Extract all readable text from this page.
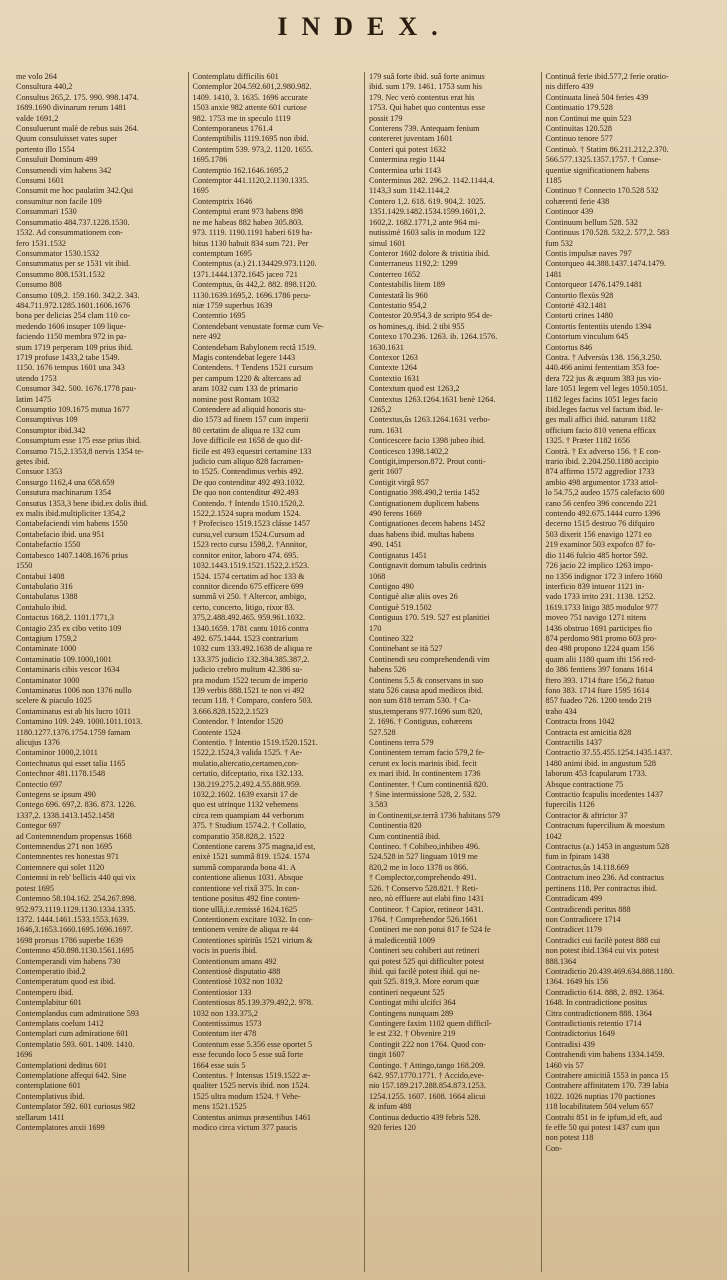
INDEX.
me volo 264
Consultura 440,2
Consultus 265,2. 175. 990. 998.1474.
1689.1690 divinarum rerum 1481
valde 1691,2
Consuluerunt malè de rebus suis 264.
Quum consuluisset vates super
portento illo 1554
Consuluit Dominum 499
Consumendi vim habens 342
Consumi 1601
Consumit me hoc paulatim 342.Qui
consumitur non facile 109
Consummari 1530
Consummatio 484.737.1228.1530.
1532. Ad consummationem con-
fero 1531.1532
Consummator 1530.1532
Consummatus per se 1531 vit ibid.
Consummo 808.1531.1532
Consumo 808
Consumo 109,2. 159.160. 342,2. 343.
484.711.972.1285.1601.1606.1676
bona per delicias 254 clam 110 co-
medendo 1606 insuper 109 lique-
faciendo 1150 membra 972 in pa-
stum 1719 perperam 109 prius ibid.
1719 profuse 1433,2 tabe 1549.
1150. 1676 tempus 1601 una 343
utendo 1753
Consumor 342. 500. 1676.1778 pau-
latim 1475
Consumptio 109.1675 mutua 1677
Consumptivus 109
Consumptor ibid.342
Consumptum esse 175 esse prius ibid.
Consumo 715,2.1353,8 nervis 1354 te-
getes ibid.
Consuor 1353
Consurgo 1162,4 una 658.659
Consutura machinarum 1354
Consutus 1353,3 bene ibid.ex dolis ibid.
ex malis ibid.multipliciter 1354,2
Contabefaciendi vim habens 1550
Contabefacio ibid. una 951
Contabefactio 1550
Contabesco 1407.1408.1676 prius
1550
Contabui 1408
Contabulatio 316
Contabulatus 1388
Contabulo ibid.
Contactus 168,2. 1101.1771,3
Contagio 235 ex cibo vetito 109
Contagium 1759,2
Contaminate 1000
Contaminatio 109.1000,1001
Contaminaris cibis vescor 1634
Contaminator 1000
Contaminatus 1006 non 1376 nullo
scelere & piaculo 1025
Contaminatus est ab his lucro 1011
Contamino 109. 249. 1000.1011.1013.
1180.1277.1376.1754.1759 famam
alicujus 1376
Contaminor 1000,2.1011
Contechnatus qui esset talia 1165
Contechnor 481.1178.1548
Contectio 697
Contegens se ipsum 490
Contego 696. 697,2. 836. 873. 1226.
1337,2. 1338.1413.1452.1458
Contegor 697
ad Contemnendum propensus 1668
Contemnendus 271 non 1695
Contemnentes res honestas 971
Contemnere qui solet 1120
Contemni in reb' bellicis 440 qui vix
potest 1695
Contemno 58.104.162. 254.267.898.
952.973.1119.1129.1130.1334.1335.
1372. 1444.1461.1533.1553.1639.
1646,3.1653.1660.1695.1696.1697.
1698 prorsus 1786 superbe 1639
Contemno 450.898.1130.1561.1695
Contemperandi vim habens 730
Contemperatio ibid.2
Contemperatum quod est ibid.
Contempero ibid.
Contemplabitur 601
Contemplandus cum admiratione 593
Contemplans coelum 1412
Contemplari cum admiratione 601
Contemplatio 593. 601. 1409. 1410.
1696
Contemplationi deditus 601
Contemplatione affequi 642. Sine
contemplatione 601
Contemplativus ibid.
Contemplator 592. 601 curiosus 982
stellarum 1411
Contemplatores anxii 1699
Contemplatu difficilis 601
Contemplor 204.592.601,2.980.982.
1409. 1410, 3. 1635. 1696 accurate
1503 anxie 982 attente 601 curiose
982. 1753 me in speculo 1119
Contemporaneus 1761.4
Contemptibilis 1119.1695 non ibid.
Contemptim 539. 973,2. 1120. 1655.
1695.1786
Contemptio 162.1646.1695,2
Contemptor 441.1120,2.1130.1335.
1695
Contemptrix 1646
Contemptui erant 973 habens 898
ne me habeas 882 habeo 305.803.
973. 1119. 1190.1191 haberi 619 ha-
bitus 1130 habuit 834 sum 721. Per
contemptum 1695
Contemptus (a.) 21.134429.973.1120.
1371.1444.1372.1645 jaceo 721
Contemptus, ûs 442,2. 882. 898.1120.
1130.1639.1695,2. 1696.1786 pecu-
niæ 1759 superbus 1639
Contemtio 1695
Contendebant venustate formæ cum Ve-
nere 492
Contendebam Babylonem rectâ 1519.
Magis contendebat legere 1443
Contendens. † Tendens 1521 cursum
per campum 1220 & altercans ad
aram 1032 cum 133 de primario
nomine post Romam 1032
Contendere ad aliquid honoris stu-
dio 1573 ad finem 157 cum imperii
80 certatim de aliqua re 132 cum
Jove difficile est 1658 de quo dif-
ficile est 493 equestri certamine 133
judicio cum aliquo 828 facramen-
to 1525. Contendimus verbis 492.
De quo contenditur 492 493.1032.
De quo non contenditur 492.493
Contendo. † Intendo 1510.1520,2.
1522,2.1524 supra modum 1524.
† Profecisco 1519.1523 clásse 1457
cursu,vel cursum 1524.Cursum ad
1523 recto cursu 1598,2. †Annitor,
connitor enitor, laboro 474. 695.
1032.1443.1519.1521.1522,2.1523.
1524. 1574 certatim ad hoc 133 &
connitor dicendo 675 efficere 699
summâ vi 250. † Altercor, ambigo,
certo, concerto, litigo, rixor 83.
375,2.488.492.465. 959.961.1032.
1340.1659. 1781 cantu 1016 contra
492. 675.1444. 1523 contrarium
1032 cum 133.492.1638 de aliqua re
133.375 judicio 132.384.385.387,2.
judicio crebro multum 42.386 su-
pra modum 1522 tecum de imperio
139 verbis 888.1521 te non vi 492
tecum 118. † Comparo, confero 503.
3.666.828.1522,2.1523
Contendor. † Intendor 1520
Contente 1524
Contentio. † Intentio 1519.1520.1521.
1522,2.1524,3 valida 1525. † Ae-
mulatio,altercatio,certamen,con-
certatio, difceptatio, rixa 132.133.
138.219.275.2.492.4.55.888.959.
1032,2.1602. 1639 exarsit 17 de
quo est utrinque 1132 vehemens
circa rem quampiam 44 verborum
375. † Studium 1574.2. † Collatio,
comparatio 358.828,2. 1522
Contentione carens 375 magna,id est,
enixè 1521 summâ 819. 1524. 1574
summâ comparanda bona 41. A
contentione alienus 1031. Absque
contentione vel rixâ 375. In con-
tentione positus 492 fine conten-
tione ullâ,i.e.remissè 1624.1625
Contentionem excitare 1032. In con-
tentionem venire de aliqua re 44
Contentiones spiritûs 1521 virium &
vocis in pueris ibid.
Contentionum amans 492
Contentiosè disputatio 488
Contentiosè 1032 non 1032
Contentiosior 133
Contentiosus 85.139.379.492,2. 978.
1032 non 133.375,2
Contentissimus 1573
Contentum iter 478
Contentum esse 5.356 esse oportet 5
esse fecundo loco 5 esse suâ forte
1664 esse suis 5
Contentus. † Intensus 1519.1522 æ-
qualiter 1525 nervis ibid. non 1524.
1525 ultra modum 1524. † Vehe-
mens 1521.1525
Contentus animus præsentibus 1461
modico circa victum 377 paucis
179 suâ forte ibid. suâ forte animus
ibid. sum 179. 1461. 1753 sum his
179. Nec verò contentus erat his
1753. Qui habet quo contentus esse
possit 179
Conterens 739. Antequam fenium
contereret juventam 1601
Conteri qui potest 1632
Contermina regio 1144
Contermina urbi 1143
Conterminus 282. 296,2. 1142.1144,4.
1143,3 sum 1142.1144,2
Contero 1,2. 618. 619. 904,2. 1025.
1351.1429.1482.1534.1599.1601,2.
1602,2. 1682.1771,2 ante 964 mi-
nutissimè 1603 salis in modum 122
simul 1601
Conteror 1602 dolore & tristitia ibid.
Conterraneus 1192,2: 1299
Conterreo 1652
Contestabilis litem 189
Contestatâ lis 960
Contestatio 954,2
Contestor 20.954,3 de scripto 954 de-
os homines,q. ibid. 2 tibi 955
Contexo 170.236. 1263. ib. 1264.1576.
1630.1631
Contexor 1263
Contexte 1264
Contextio 1631
Contextum quod est 1263,2
Contextus 1263.1264.1631 benè 1264.
1265,2
Contextus,ûs 1263.1264.1631 verbo-
rum. 1631
Conticescere facio 1398 jubeo ibid.
Conticesco 1398.1402,2
Contigit,imperson.872. Prout conti-
gerit 1607
Contigit virgâ 957
Contignatio 398.490,2 tertia 1452
Contignationem duplicem habens
490 ferens 1669
Contignationes decem habens 1452
duas habens ibid. multas habens
490. 1451
Contignatus 1451
Contignavit domum tabulis cedrinis
1068
Contigno 490
Contiguè aliæ aliis oves 26
Contiguè 519.1502
Contiguus 170. 519. 527 est planitiei
170
Contineo 322
Continebant se ità 527
Continendi seu comprehendendi vim
habens 526
Continens 5.5 & conservans in suo
statu 526 causa apud medicos ibid.
non sum 818 terram 530. † Ca-
stus,temperans 977.1696 sum 820,
2. 1696. † Contiguus, cohærens
527.528
Continens terra 579
Continentem terram facio 579,2 fe-
cerunt ex locis marinis ibid. fecit
ex mari ibid. In continentem 1736
Continenter. † Cum continentiâ 820.
† Sine intermissione 528, 2. 532.
3.583
in Continenti,se.terrâ 1736 habitans 579
Continentia 820
Cum continentiâ ibid.
Contineo. † Cohibeo,inhibeo 496.
524.528 in 527 linguam 1019 me
820,2 me in loco 1378 os 866.
† Complector,comprehendo 491.
526. † Conservo 528.821. † Reti-
neo, nò effluere aut elabi fino 1431
Contineor. † Capior, retineor 1431.
1764. † Comprehendor 526.1661
Contineri me non potui 817 fe 524 fe
à maledicentiâ 1009
Contineri seu cohiberi aut retineri
qui potest 525 qui difficulter potest
ibid. qui facilè potest ibid. qui ne-
quit 525. 819,3. More eorum quæ
contineri nequeunt 525
Contingat mihi ulcifci 364
Contingens nunquam 289
Contingere faxim 1102 quem difficil-
le est 232. † Obvenire 219
Contingit 222 non 1764. Quod con-
tingit 1607
Contingo. † Attingo,tango 168.209.
642. 957.1770.1771. † Accido,eve-
nio 157.189.217.288.854.873.1253.
1254.1255. 1607. 1608. 1664 alicui
& infum 488
Continua deductio 439 febris 528.
920 feries 120
Continuâ ferie ibid.577,2 ferie oratio-
nis differo 439
Continuata lineà 504 feries 439
Continuatio 179.528
non Continui me quin 523
Continuitas 120.528
Continuo tenore 577
Continuò. † Statim 86.211.212,2.370.
566.577.1325.1357.1757. † Conse-
quentiæ significationem habens
1185
Continuo † Connecto 170.528 532
cohærenti ferie 438
Continuor 439
Continuum bellum 528. 532
Continuus 170.528. 532,2. 577,2. 583
fum 532
Contis impulsæ naves 797
Contorqueo 44.388.1437.1474.1479.
1481
Contorqueor 1476.1479.1481
Contortio flexùs 928
Contortè 432.1481
Contorti crines 1480
Contortis fententiis utendo 1394
Contortum vinculum 645
Contortus 846
Contra. † Adversùs 138. 156,3.250.
440.466 animi fententiam 353 foe-
dera 722 jus & æquum 383 jus vio-
lare 1051 legem vel leges 1050.1051.
1182 leges facins 1051 leges facio
ibid.leges factus vel factum ibid. le-
ges mali affici ibid. naturam 1182
officium facio 810 venena efficax
1325. † Præter 1182 1656
Contrà. † Ex adverso 156. † E con-
trario ibid. 2.204.250.1180 accipio
874 affirmo 1572 aggredior 1733
ambio 498 argumentor 1733 attol-
lo 54.75,2 audeo 1575 calefacio 600
cano 56 cenfeo 396 concendo 221
contendo 492.675.1444 curro 1396
decerno 1515 destruo 76 difquiro
503 dixerit 156 enavigo 1271 eo
219 examinor 503 expofco 87 fo-
dio 1146 fulcio 485 hortor 592.
726 jacio 22 implico 1263 impo-
no 1356 indignor 172 3 infero 1660
interficio 839 intueor 1121 in-
vado 1733 irrito 231. 1138. 1252.
1619.1733 litigo 385 modulor 977
moveo 751 navigo 1271 nitens
1436 obstruo 1691 participes fio
874 perdomo 981 promo 603 pro-
deo 498 propono 1224 quam 156
quam alii 1180 quam ifti 156 red-
do 386 fentiens 397 fonans 1614
ftero 393. 1714 ftare 156,2 ftatuo
fono 383. 1714 ftare 1595 1614
857 fuadeo 726. 1200 tendo 219
traho 434
Contracta frons 1042
Contracta est amicitia 828
Contractilis 1437
Contractio 37.55.455.1254.1435.1437.
1480 animi ibid. in angustum 528
laborum 453 fcapularum 1733.
Absque contractione 75
Contractio fcapulis incedentes 1437
fupercilis 1126
Contractor & aftrictor 37
Contractum fupercilium & moestum
1042
Contractus (a.) 1453 in angustum 528
fum in fpiram 1438
Contractus,ûs 14.118.669
Contractum ineo 236. Ad contractus
pertinens 118. Per contractus ibid.
Contradicam 499
Contradicendi peritus 888
non Contradicere 1714
Contradicet 1179
Contradici cui facilè potest 888 cui
non potest ibid.1364 cui vix potest
888.1364
Contradictio 20.439.469.634.888.1180.
1364. 1649 his 156
Contradictio 614. 888, 2. 892. 1364.
1648. In contradictione positus
Citra contradictionem 888. 1364
Contradictionis retentio 1714
Contradictorius 1649
Contradixi 439
Contrahendi vim habens 1334.1459.
1460 vis 57
Contrahere amicitiâ 1553 in panca 15
Contrahere affinitatem 170. 739 labia
1022. 1026 nuptias 170 pactiones
118 locabilitatem 504 velum 657
Contrahi 851 in fe ipfum,id eft, aud
fe effe 50 qui potest 1437 cum quo
non potest 118
Con-
